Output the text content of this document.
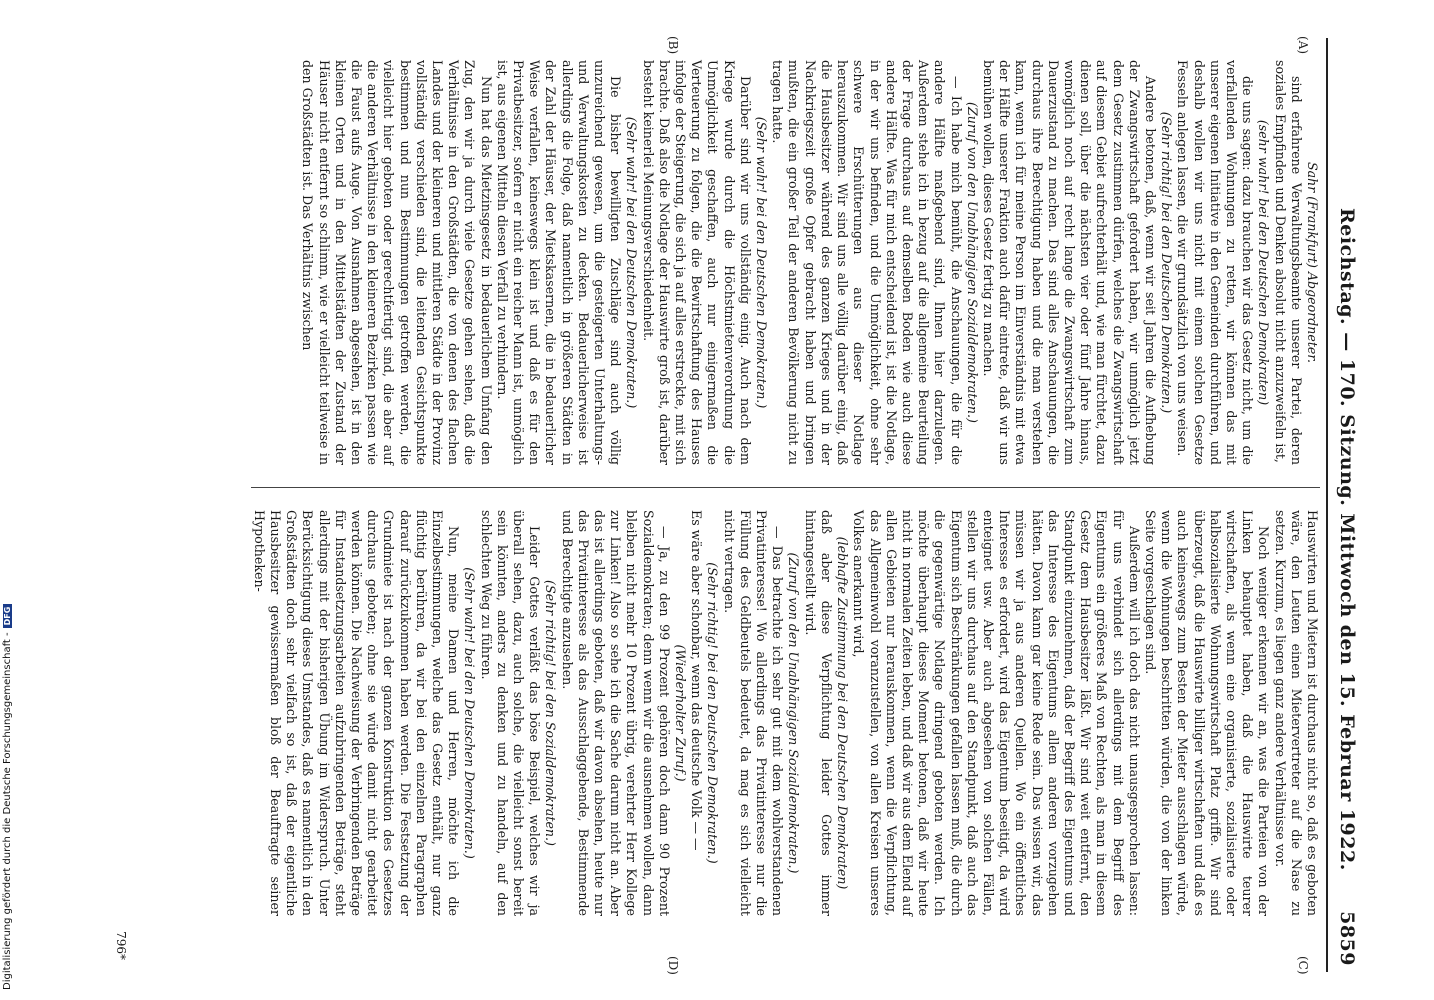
Digitalisierung gefördert durch die Deutsche Forschungsgemeinschaft -DFG	Reichstag. — 170. Sitzung. Mittwoch den 15. Februar 1922.
5859
(A)
(B)
(C)
(D)

Sahr (Frankfurt) Abgeordneter.

sind erfahrene Verwaltungsbeamte unserer Partei, deren soziales Empfinden und Denken absolut nicht anzuzweifeln ist,

(sehr wahr! bei den Deutschen Demokraten)

die uns sagen: dazu brauchen wir das Gesetz nicht, um die verfallenden Wohnungen zu retten, wir können das mit unserer eigenen Initiative in den Gemeinden durchführen, und deshalb wollen wir uns nicht mit einem solchen Gesetze Fesseln anlegen lassen, die wir grundsätzlich von uns weisen.

(Sehr richtig! bei den Deutschen Demokraten.)

Andere betonen, daß, wenn wir seit Jahren die Aufhebung der Zwangswirtschaft gefordert haben, wir unmöglich jetzt dem Gesetz zustimmen dürfen, welches die Zwangswirtschaft auf diesem Gebiet aufrechterhält und, wie man fürchtet, dazu dienen soll, über die nächsten vier oder fünf Jahre hinaus, womöglich noch auf recht lange die Zwangswirtschaft zum Dauerzustand zu machen. Das sind alles Anschauungen, die durchaus ihre Berechtigung haben und die man verstehen kann, wenn ich für meine Person im Einverständnis mit etwa der Hälfte unserer Fraktion auch dafür eintrete, daß wir uns bemühen wollen, dieses Gesetz fertig zu machen.

(Zuruf von den Unabhängigen Sozialdemokraten.)

— Ich habe mich bemüht, die Anschauungen, die für die andere Hälfte maßgebend sind, Ihnen hier darzulegen. Außerdem stehe ich in bezug auf die allgemeine Beurteilung der Frage durchaus auf demselben Boden wie auch diese andere Hälfte. Was für mich entscheidend ist, ist die Notlage, in der wir uns befinden, und die Unmöglichkeit, ohne sehr schwere Erschütterungen aus dieser Notlage herauszukommen. Wir sind uns alle völlig darüber einig, daß die Hausbesitzer während des ganzen Krieges und in der Nachkriegszeit große Opfer gebracht haben und bringen mußten, die ein großer Teil der anderen Bevölkerung nicht zu tragen hatte.

(Sehr wahr! bei den Deutschen Demokraten.)

Darüber sind wir uns vollständig einig. Auch nach dem Kriege wurde durch die Höchstmietenverordnung die Unmöglichkeit geschaffen, auch nur einigermaßen die Verteuerung zu folgen, die die Bewirtschaftung des Hauses infolge der Steigerung, die sich ja auf alles erstreckte, mit sich brachte. Daß also die Notlage der Hauswirte groß ist, darüber besteht keinerlei Meinungsverschiedenheit.

(Sehr wahr! bei den Deutschen Demokraten.)

Die bisher bewilligten Zuschläge sind auch völlig unzureichend gewesen, um die gesteigerten Unterhaltungs- und Verwaltungskosten zu decken. Bedauerlicherweise ist allerdings die Folge, daß namentlich in größeren Städten in der Zahl der Häuser, der Mietskasernen, die in bedauerlicher Weise verfallen, keineswegs klein ist und daß es für den Privatbesitzer, sofern er nicht ein reicher Mann ist, unmöglich ist, aus eigenen Mitteln diesen Verfall zu verhindern.

Nun hat das Mietzinsgesetz in bedauerlichem Umfang den Zug, den wir ja durch viele Gesetze gehen sehen, daß die Verhältnisse in den Großstädten, die von denen des flachen Landes und der kleineren und mittleren Städte in der Provinz vollständig verschieden sind, die leitenden Gesichtspunkte bestimmen und nun Bestimmungen getroffen werden, die vielleicht hier geboten oder gerechtfertigt sind, die aber auf die anderen Verhältnisse in den kleineren Bezirken passen wie die Faust aufs Auge. Von Ausnahmen abgesehen, ist in den kleinen Orten und in den Mittelstädten der Zustand der Häuser nicht entfernt so schlimm, wie er vielleicht teilweise in den Großstädten ist. Das Verhältnis zwischen

Hauswirten und Mietern ist durchaus nicht so, daß es geboten wäre, den Leuten einen Mietervertreter auf die Nase zu setzen. Kurzum, es liegen ganz andere Verhältnisse vor.

Noch weniger erkennen wir an, was die Parteien von der Linken behauptet haben, daß die Hauswirte teurer wirtschaften, als wenn eine organisierte, sozialisierte oder halbsozialisierte Wohnungswirtschaft Platz griffe. Wir sind überzeugt, daß die Hauswirte billiger wirtschaften und daß es auch keineswegs zum Besten der Mieter ausschlagen würde, wenn die Wohnungen beschritten würden, die von der linken Seite vorgeschlagen sind.

Außerdem will ich doch das nicht unausgesprochen lassen: für uns verbindet sich allerdings mit dem Begriff des Eigentums ein größeres Maß von Rechten, als man in diesem Gesetz dem Hausbesitzer läßt. Wir sind weit entfernt, den Standpunkt einzunehmen, daß der Begriff des Eigentums und das Interesse des Eigentums allem anderen vorzugehen hätten. Davon kann gar keine Rede sein. Das wissen wir, das müssen wir ja aus anderen Quellen. Wo ein öffentliches Interesse es erfordert, wird das Eigentum beseitigt, da wird enteignet usw. Aber auch abgesehen von solchen Fällen, stellen wir uns durchaus auf den Standpunkt, daß auch das Eigentum sich Beschränkungen gefallen lassen muß, die durch die gegenwärtige Notlage dringend geboten werden. Ich möchte überhaupt dieses Moment betonen, daß wir heute nicht in normalen Zeiten leben, und daß wir aus dem Elend auf allen Gebieten nur herauskommen, wenn die Verpflichtung, das Allgemeinwohl voranzustellen, von allen Kreisen unseres Volkes anerkannt wird,

(lebhafte Zustimmung bei den Deutschen Demokraten)

daß aber diese Verpflichtung leider Gottes immer hintangestellt wird.

(Zuruf von den Unabhängigen Sozialdemokraten.)

— Das betrachte ich sehr gut mit dem wohlverstandenen Privatinteresse! Wo allerdings das Privatinteresse nur die Füllung des Geldbeutels bedeutet, da mag es sich vielleicht nicht vertragen.

(Sehr richtig! bei den Deutschen Demokraten.)

Es wäre aber schonbar, wenn das deutsche Volk — —

(Wiederholter Zuruf.)

— Ja, zu den 99 Prozent gehören doch dann 90 Prozent Sozialdemokraten; denn wenn wir die ausnehmen wollen, dann bleiben nicht mehr 10 Prozent übrig, verehrter Herr Kollege zur Linken! Also so sehe ich die Sache darum nicht an. Aber das ist allerdings geboten, daß wir davon absehen, heute nur das Privatinteresse als das Ausschlaggebende, Bestimmende und Berechtigte anzusehen.

(Sehr richtig! bei den Sozialdemokraten.)

Leider Gottes verläßt das böse Beispiel, welches wir ja überall sehen, dazu, auch solche, die vielleicht sonst bereit sein könnten, anders zu denken und zu handeln, auf den schlechten Weg zu führen.

(Sehr wahr! bei den Deutschen Demokraten.)

Nun, meine Damen und Herren, möchte ich die Einzelbestimmungen, welche das Gesetz enthält, nur ganz flüchtig berühren, da wir bei den einzelnen Paragraphen darauf zurückzukommen haben werden. Die Festsetzung der Grundmiete ist nach der ganzen Konstruktion des Gesetzes durchaus geboten; ohne sie würde damit nicht gearbeitet werden können. Die Nachweisung der Verbringenden Beträge für Instandsetzungsarbeiten aufzubringenden Beträge, steht allerdings mit der bisherigen Übung im Widerspruch. Unter Berücksichtigung dieses Umstandes, daß es namentlich in den Großstädten doch sehr vielfach so ist, daß der eigentliche Hausbesitzer gewissermaßen bloß der Beauftragte seiner Hypotheken-

796*
